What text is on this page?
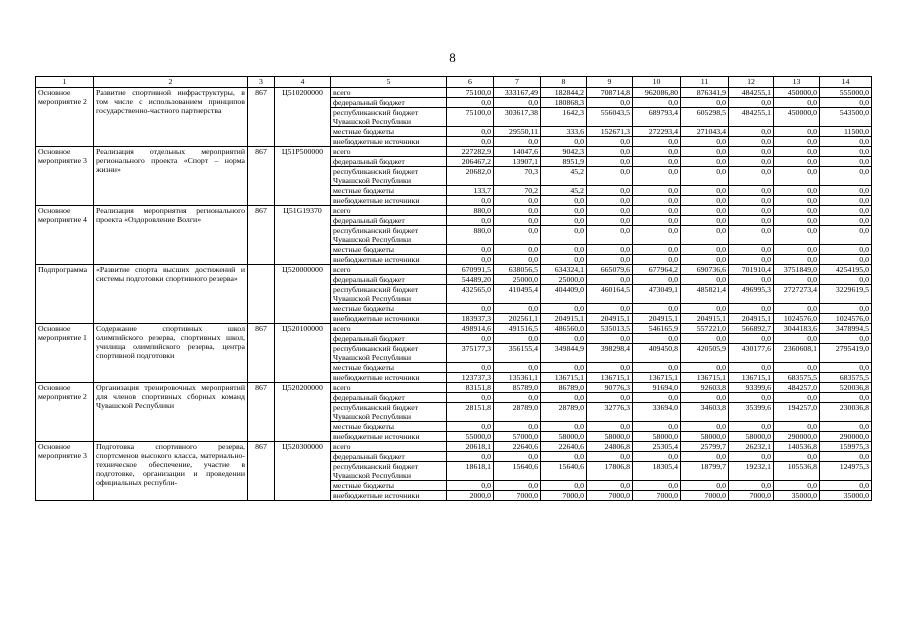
8
1	2	3	4	5	6	7	8	9	10	11	12	13	14
Основное мероприятие 2	Развитие спортивной инфраструктуры, в том числе с использованием принципов государственно-частного партнерства	867	Ц510200000	всего	75100,0	333167,49	182844,2	708714,8	962086,80	876341,9	484255,1	450000,0	555000,0
				федеральный бюджет	0,0	0,0	180868,3	0,0	0,0	0,0	0,0	0,0	0,0
				республиканский бюджет Чувашской Республики	75100,0	303617,38	1642,3	556043,5	689793,4	605298,5	484255,1	450000,0	543500,0
				местные бюджеты	0,0	29550,11	333,6	152671,3	272293,4	271043,4	0,0	0,0	11500,0
				внебюджетные источники	0,0	0,0	0,0	0,0	0,0	0,0	0,0	0,0	0,0
Основное мероприятие 3	Реализация отдельных мероприятий регионального проекта «Спорт – норма жизни»	867	Ц51Р500000	всего	227282,9	14047,6	9042,3	0,0	0,0	0,0	0,0	0,0	0,0
				федеральный бюджет	206467,2	13907,1	8951,9	0,0	0,0	0,0	0,0	0,0	0,0
				республиканский бюджет Чувашской Республики	20682,0	70,3	45,2	0,0	0,0	0,0	0,0	0,0	0,0
				местные бюджеты	133,7	70,2	45,2	0,0	0,0	0,0	0,0	0,0	0,0
				внебюджетные источники	0,0	0,0	0,0	0,0	0,0	0,0	0,0	0,0	0,0
Основное мероприятие 4	Реализация мероприятия регионального проекта «Оздоровление Волги»	867	Ц51G19370	всего	880,0	0,0	0,0	0,0	0,0	0,0	0,0	0,0	0,0
				федеральный бюджет	0,0	0,0	0,0	0,0	0,0	0,0	0,0	0,0	0,0
				республиканский бюджет Чувашской Республики	880,0	0,0	0,0	0,0	0,0	0,0	0,0	0,0	0,0
				местные бюджеты	0,0	0,0	0,0	0,0	0,0	0,0	0,0	0,0	0,0
				внебюджетные источники	0,0	0,0	0,0	0,0	0,0	0,0	0,0	0,0	0,0
Подпрограмма	«Развитие спорта высших достижений и системы подготовки спортивного резерва»		Ц520000000	всего	670991,5	638056,5	634324,1	665079,6	677964,2	690736,6	701910,4	3751849,0	4254195,0
				федеральный бюджет	54489,20	25000,0	25000,0	0,0	0,0	0,0	0,0	0,0	0,0
				республиканский бюджет Чувашской Республики	432565,0	410495,4	404409,0	460164,5	473049,1	485821,4	496995,3	2727273,4	3229619,5
				местные бюджеты	0,0	0,0	0,0	0,0	0,0	0,0	0,0	0,0	0,0
				внебюджетные источники	183937,3	202561,1	204915,1	204915,1	204915,1	204915,1	204915,1	1024576,0	1024576,0
Основное мероприятие 1	Содержание спортивных школ олимпийского резерва, спортивных школ, училища олимпийского резерва, центра спортивной подготовки	867	Ц520100000	всего	498914,6	491516,5	486560,0	535013,5	546165,9	557221,0	566892,7	3044183,6	3478994,5
				федеральный бюджет	0,0	0,0	0,0	0,0	0,0	0,0	0,0	0,0	0,0
				республиканский бюджет Чувашской Республики	375177,3	356155,4	349844,9	398298,4	409450,8	420505,9	430177,6	2360608,1	2795419,0
				местные бюджеты	0,0	0,0	0,0	0,0	0,0	0,0	0,0	0,0	0,0
				внебюджетные источники	123737,3	135361,1	136715,1	136715,1	136715,1	136715,1	136715,1	683575,5	683575,5
Основное мероприятие 2	Организация тренировочных мероприятий для членов спортивных сборных команд Чувашской Республики	867	Ц520200000	всего	83151,8	85789,0	86789,0	90776,3	91694,0	92603,8	93399,6	484257,0	520036,8
				федеральный бюджет	0,0	0,0	0,0	0,0	0,0	0,0	0,0	0,0	0,0
				республиканский бюджет Чувашской Республики	28151,8	28789,0	28789,0	32776,3	33694,0	34603,8	35399,6	194257,0	230036,8
				местные бюджеты	0,0	0,0	0,0	0,0	0,0	0,0	0,0	0,0	0,0
				внебюджетные источники	55000,0	57000,0	58000,0	58000,0	58000,0	58000,0	58000,0	290000,0	290000,0
Основное мероприятие 3	Подготовка спортивного резерва, спортсменов высокого класса, материально-техническое обеспечение, участие в подготовке, организации и проведении официальных республи-	867	Ц520300000	всего	20618,1	22640,6	22640,6	24806,8	25305,4	25799,7	26232,1	140536,8	159975,3
				федеральный бюджет	0,0	0,0	0,0	0,0	0,0	0,0	0,0	0,0	0,0
				республиканский бюджет Чувашской Республики	18618,1	15640,6	15640,6	17806,8	18305,4	18799,7	19232,1	105536,8	124975,3
				местные бюджеты	0,0	0,0	0,0	0,0	0,0	0,0	0,0	0,0	0,0
				внебюджетные источники	2000,0	7000,0	7000,0	7000,0	7000,0	7000,0	7000,0	35000,0	35000,0
